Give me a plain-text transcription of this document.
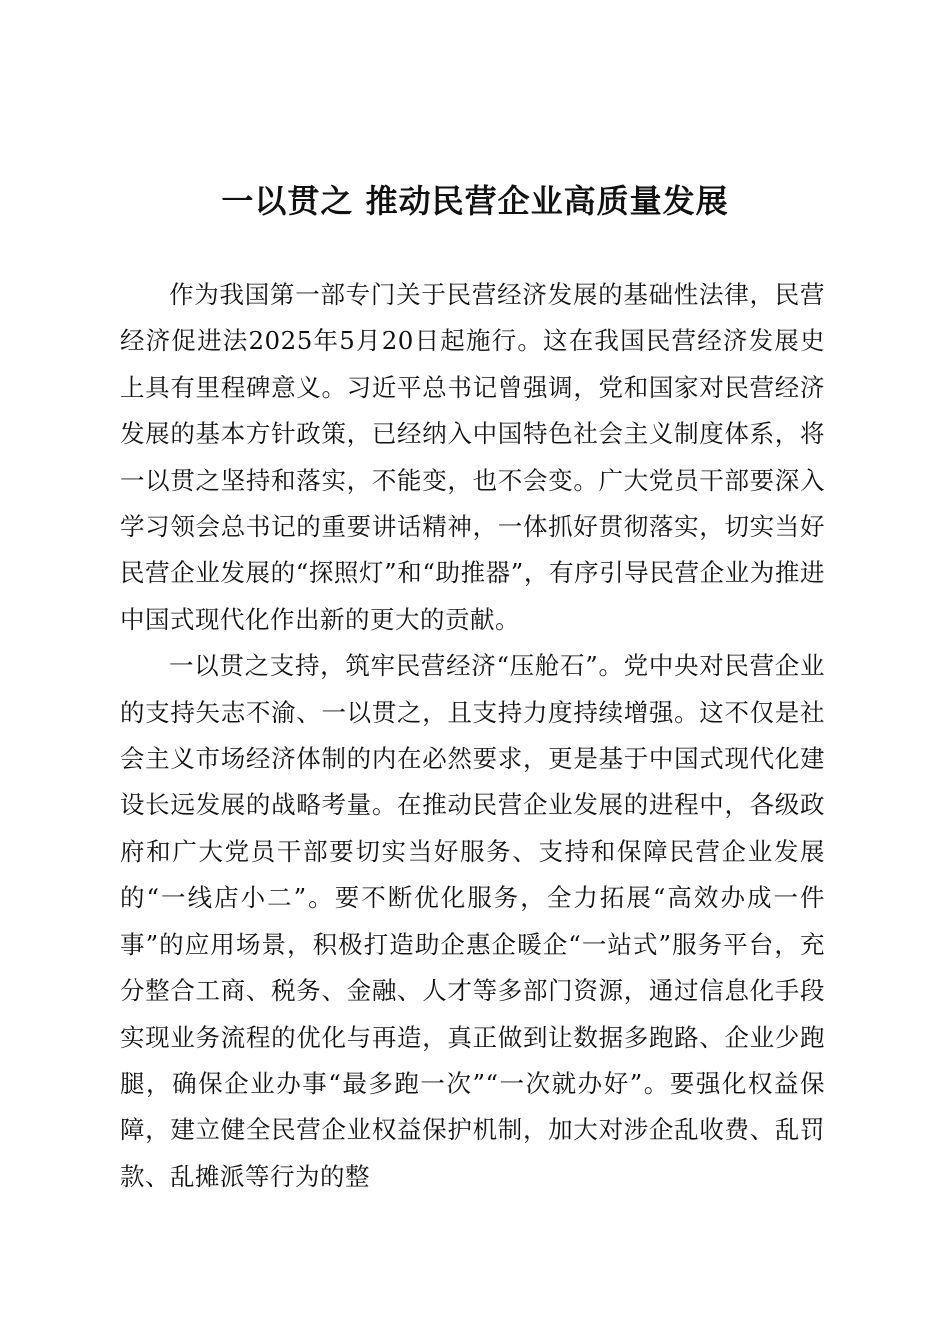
一以贯之 推动民营企业高质量发展

作为我国第一部专门关于民营经济发展的基础性法律，民营经济促进法2025年5月20日起施行。这在我国民营经济发展史上具有里程碑意义。习近平总书记曾强调，党和国家对民营经济发展的基本方针政策，已经纳入中国特色社会主义制度体系，将一以贯之坚持和落实，不能变，也不会变。广大党员干部要深入学习领会总书记的重要讲话精神，一体抓好贯彻落实，切实当好民营企业发展的“探照灯”和“助推器”，有序引导民营企业为推进中国式现代化作出新的更大的贡献。

一以贯之支持，筑牢民营经济“压舱石”。党中央对民营企业的支持矢志不渝、一以贯之，且支持力度持续增强。这不仅是社会主义市场经济体制的内在必然要求，更是基于中国式现代化建设长远发展的战略考量。在推动民营企业发展的进程中，各级政府和广大党员干部要切实当好服务、支持和保障民营企业发展的“一线店小二”。要不断优化服务，全力拓展“高效办成一件事”的应用场景，积极打造助企惠企暖企“一站式”服务平台，充分整合工商、税务、金融、人才等多部门资源，通过信息化手段实现业务流程的优化与再造，真正做到让数据多跑路、企业少跑腿，确保企业办事“最多跑一次”“一次就办好”。要强化权益保障，建立健全民营企业权益保护机制，加大对涉企乱收费、乱罚款、乱摊派等行为的整
